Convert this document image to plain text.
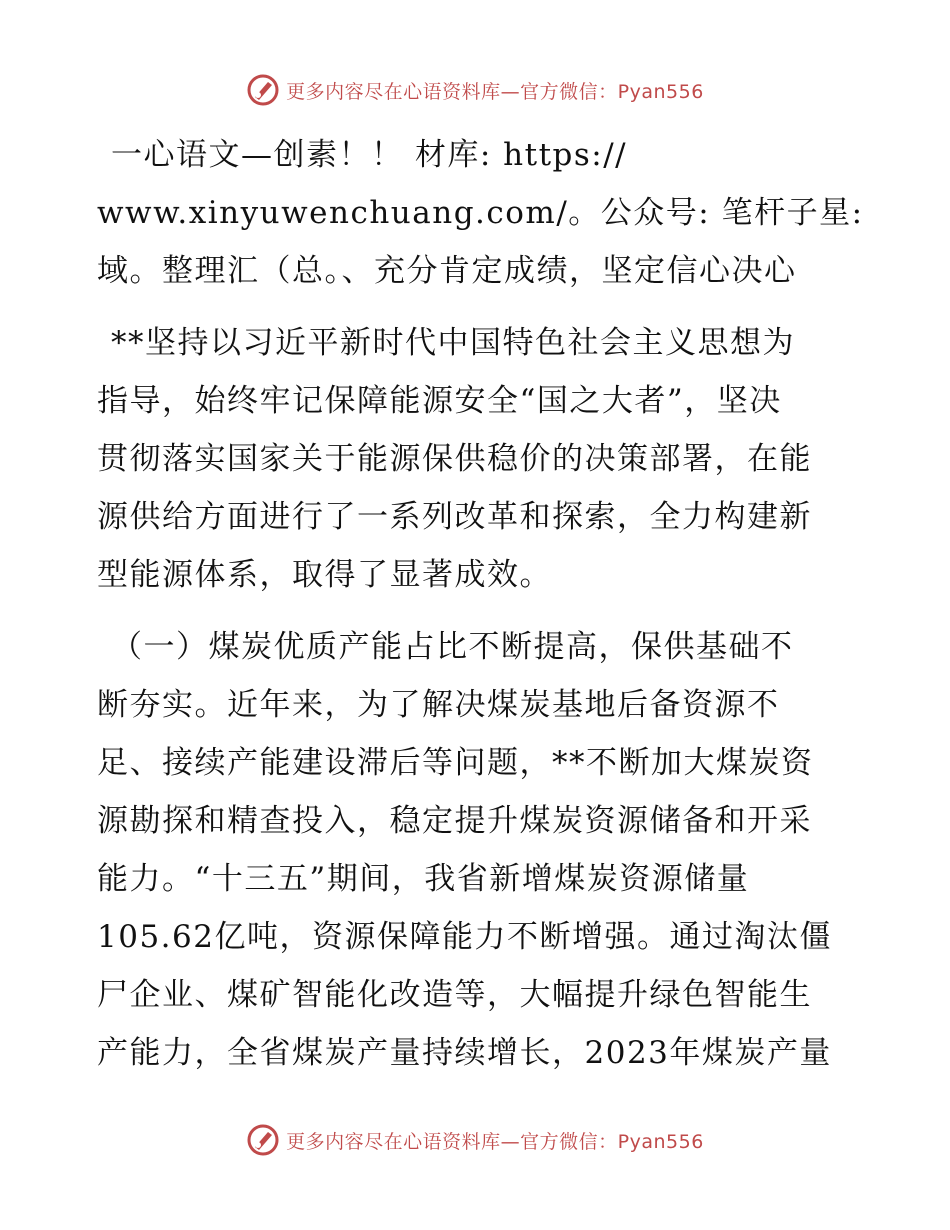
更多内容尽在心语资料库—官方微信：Pyan556
一心语文—创素！！ 材库: https://
www.xinyuwenchuang.com/。公众号: 笔杆子星:
域。整理汇（总。、充分肯定成绩，坚定信心决心
**坚持以习近平新时代中国特色社会主义思想为
指导，始终牢记保障能源安全“国之大者”，坚决
贯彻落实国家关于能源保供稳价的决策部署，在能
源供给方面进行了一系列改革和探索，全力构建新
型能源体系，取得了显著成效。
（一）煤炭优质产能占比不断提高，保供基础不
断夯实。近年来，为了解决煤炭基地后备资源不
足、接续产能建设滞后等问题，**不断加大煤炭资
源勘探和精查投入，稳定提升煤炭资源储备和开采
能力。“十三五”期间，我省新增煤炭资源储量
105.62亿吨，资源保障能力不断增强。通过淘汰僵
尸企业、煤矿智能化改造等，大幅提升绿色智能生
产能力，全省煤炭产量持续增长，2023年煤炭产量
更多内容尽在心语资料库—官方微信：Pyan556
